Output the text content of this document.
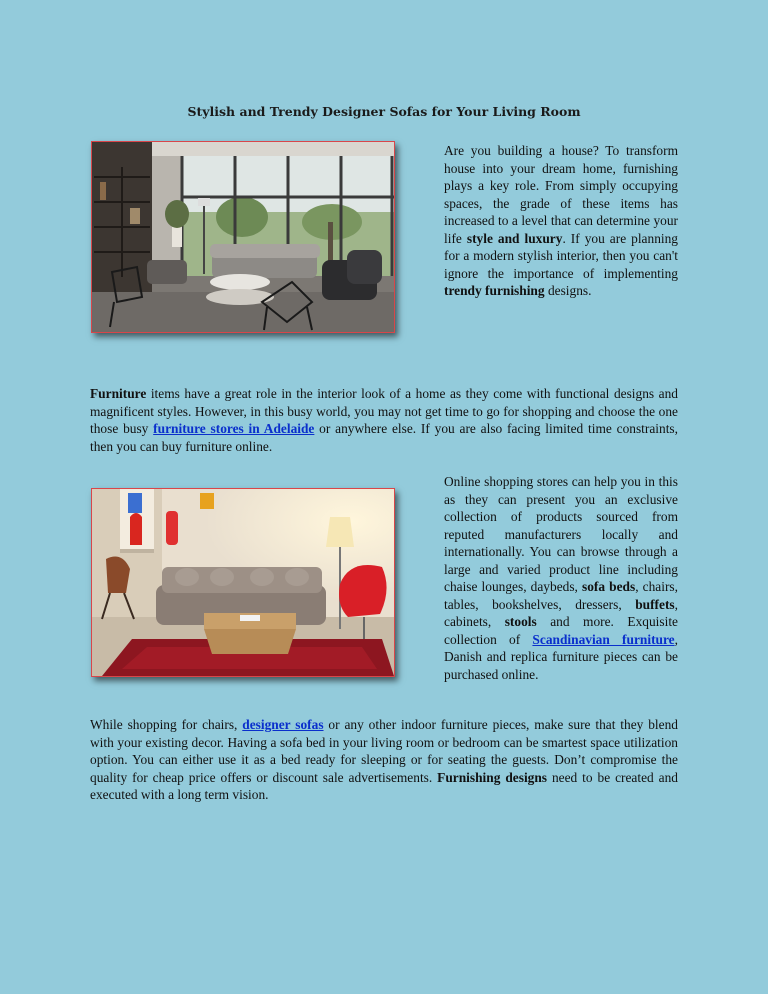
Stylish and Trendy Designer Sofas for Your Living Room
Are you building a house? To transform house into your dream home, furnishing plays a key role. From simply occupying spaces, the grade of these items has increased to a level that can determine your life style and luxury. If you are planning for a modern stylish interior, then you can't ignore the importance of implementing trendy furnishing designs.
Furniture items have a great role in the interior look of a home as they come with functional designs and magnificent styles. However, in this busy world, you may not get time to go for shopping and choose the one those busy furniture stores in Adelaide or anywhere else. If you are also facing limited time constraints, then you can buy furniture online.
Online shopping stores can help you in this as they can present you an exclusive collection of products sourced from reputed manufacturers locally and internationally. You can browse through a large and varied product line including chaise lounges, daybeds, sofa beds, chairs, tables, bookshelves, dressers, buffets, cabinets, stools and more. Exquisite collection of Scandinavian furniture, Danish and replica furniture pieces can be purchased online.
While shopping for chairs, designer sofas or any other indoor furniture pieces, make sure that they blend with your existing decor. Having a sofa bed in your living room or bedroom can be smartest space utilization option. You can either use it as a bed ready for sleeping or for seating the guests. Don’t compromise the quality for cheap price offers or discount sale advertisements. Furnishing designs need to be created and executed with a long term vision.
